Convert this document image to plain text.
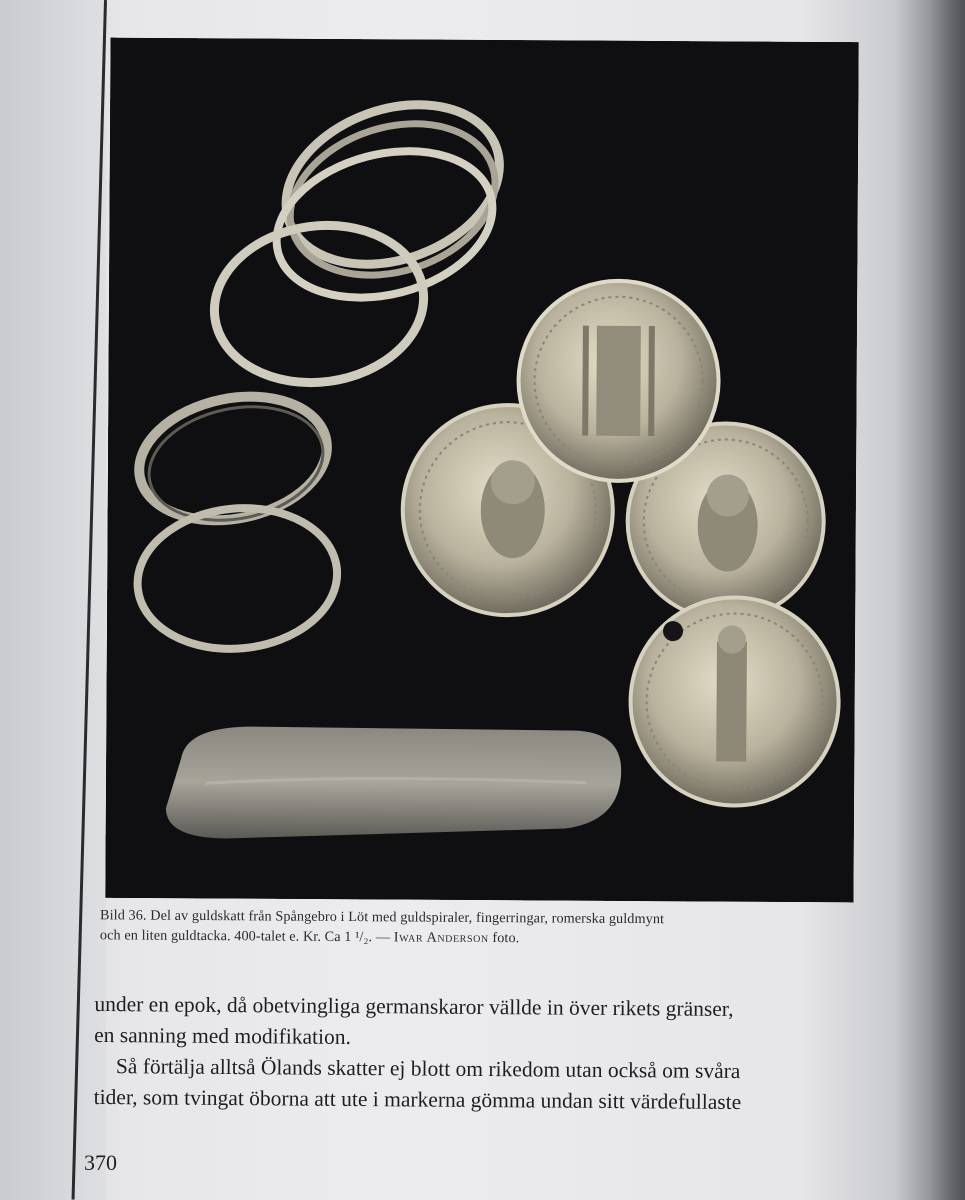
Bild 36. Del av guldskatt från Spångebro i Löt med guldspiraler, fingerringar, romerska guldmynt
och en liten guldtacka. 400-talet e. Kr. Ca 1 ¹/₂. — Iwar Anderson foto.
under en epok, då obetvingliga germanskaror vällde in över rikets gränser,
en sanning med modifikation.
Så förtälja alltså Ölands skatter ej blott om rikedom utan också om svåra
tider, som tvingat öborna att ute i markerna gömma undan sitt värdefullaste
370
